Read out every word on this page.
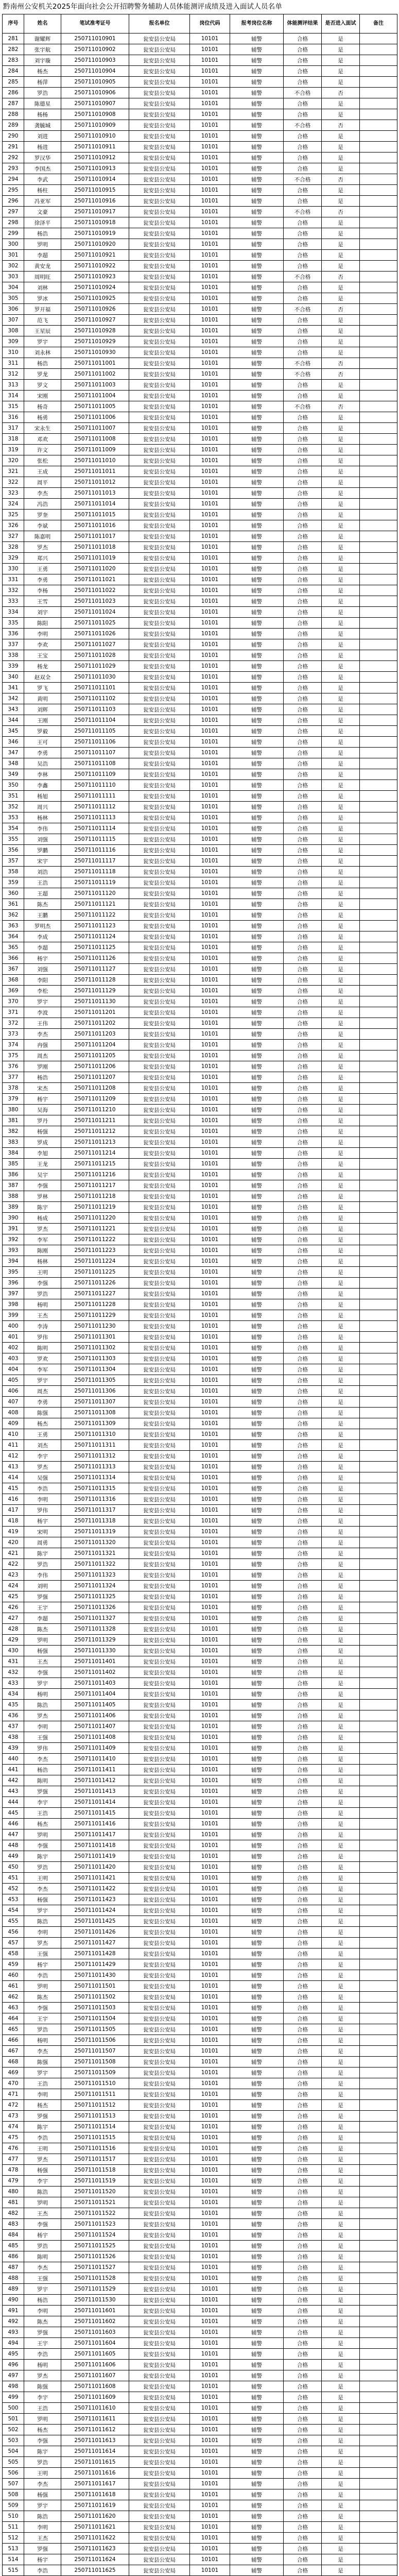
黔南州公安机关2025年面向社会公开招聘警务辅助人员体能测评成绩及进入面试人员名单
序号	姓名	笔试准考证号	报名单位	岗位代码	报考岗位名称	体能测评结果	是否进入面试	备注
281	谢耀辉	250711010901	瓮安县公安局	10101	辅警	合格	是	
282	张宇航	250711010902	瓮安县公安局	10101	辅警	合格	是	
283	刘宇璇	250711010903	瓮安县公安局	10101	辅警	合格	是	
284	杨杰	250711010904	瓮安县公安局	10101	辅警	合格	是	
285	杨萍	250711010905	瓮安县公安局	10101	辅警	合格	是	
286	罗浩	250711010906	瓮安县公安局	10101	辅警	不合格	否	
287	陈德星	250711010907	瓮安县公安局	10101	辅警	合格	是	
288	杨杨	250711010908	瓮安县公安局	10101	辅警	合格	是	
289	龚毓城	250711010909	瓮安县公安局	10101	辅警	不合格	否	
290	刘进	250711010910	瓮安县公安局	10101	辅警	合格	是	
291	杨进	250711010911	瓮安县公安局	10101	辅警	合格	是	
292	罗汉华	250711010912	瓮安县公安局	10101	辅警	合格	是	
293	李国杰	250711010913	瓮安县公安局	10101	辅警	合格	是	
294	李武	250711010914	瓮安县公安局	10101	辅警	不合格	否	
295	杨柱	250711010915	瓮安县公安局	10101	辅警	合格	是	
296	冯亚军	250711010916	瓮安县公安局	10101	辅警	合格	是	
297	文豪	250711010917	瓮安县公安局	10101	辅警	不合格	否	
298	徐泽平	250711010918	瓮安县公安局	10101	辅警	合格	是	
299	杨浩	250711010919	瓮安县公安局	10101	辅警	合格	是	
300	罗明	250711010920	瓮安县公安局	10101	辅警	合格	是	
301	李超	250711010921	瓮安县公安局	10101	辅警	合格	是	
302	黄安龙	250711010922	瓮安县公安局	10101	辅警	合格	是	
303	周明旺	250711010923	瓮安县公安局	10101	辅警	不合格	否	
304	刘林	250711010924	瓮安县公安局	10101	辅警	合格	是	
305	罗冰	250711010925	瓮安县公安局	10101	辅警	合格	是	
306	罗开福	250711010926	瓮安县公安局	10101	辅警	不合格	否	
307	范飞	250711010927	瓮安县公安局	10101	辅警	合格	是	
308	王星辰	250711010928	瓮安县公安局	10101	辅警	合格	是	
309	罗宇	250711010929	瓮安县公安局	10101	辅警	合格	是	
310	刘永林	250711010930	瓮安县公安局	10101	辅警	合格	是	
311	杨浩	250711011001	瓮安县公安局	10101	辅警	不合格	否	
312	罗龙	250711011002	瓮安县公安局	10101	辅警	不合格	否	
313	罗文	250711011003	瓮安县公安局	10101	辅警	合格	是	
314	宋刚	250711011004	瓮安县公安局	10101	辅警	合格	是	
315	杨奇	250711011005	瓮安县公安局	10101	辅警	不合格	否	
316	杨勇	250711011006	瓮安县公安局	10101	辅警	合格	是	
317	宋永生	250711011007	瓮安县公安局	10101	辅警	合格	是	
318	邓欢	250711011008	瓮安县公安局	10101	辅警	合格	是	
319	许文	250711011009	瓮安县公安局	10101	辅警	合格	是	
320	张松	250711011010	瓮安县公安局	10101	辅警	合格	是	
321	王成	250711011011	瓮安县公安局	10101	辅警	合格	是	
322	周平	250711011012	瓮安县公安局	10101	辅警	合格	是	
323	李杰	250711011013	瓮安县公安局	10101	辅警	合格	是	
324	冯浩	250711011014	瓮安县公安局	10101	辅警	合格	是	
325	罗奎	250711011015	瓮安县公安局	10101	辅警	合格	是	
326	李斌	250711011016	瓮安县公安局	10101	辅警	合格	是	
327	陈嘉明	250711011017	瓮安县公安局	10101	辅警	合格	是	
328	罗杰	250711011018	瓮安县公安局	10101	辅警	合格	是	
329	郑兴	250711011019	瓮安县公安局	10101	辅警	合格	是	
330	王勇	250711011020	瓮安县公安局	10101	辅警	合格	是	
331	李勇	250711011021	瓮安县公安局	10101	辅警	合格	是	
332	李杨	250711011022	瓮安县公安局	10101	辅警	合格	是	
333	王雪	250711011023	瓮安县公安局	10101	辅警	合格	是	
334	刘宇	250711011024	瓮安县公安局	10101	辅警	合格	是	
335	陈阳	250711011025	瓮安县公安局	10101	辅警	合格	是	
336	李明	250711011026	瓮安县公安局	10101	辅警	合格	是	
337	李欢	250711011027	瓮安县公安局	10101	辅警	合格	是	
338	王宝	250711011028	瓮安县公安局	10101	辅警	合格	是	
339	杨龙	250711011029	瓮安县公安局	10101	辅警	合格	是	
340	赵双全	250711011030	瓮安县公安局	10101	辅警	合格	是	
341	罗飞	250711011101	瓮安县公安局	10101	辅警	合格	是	
342	黄明	250711011102	瓮安县公安局	10101	辅警	合格	是	
343	刘辉	250711011103	瓮安县公安局	10101	辅警	合格	是	
344	王刚	250711011104	瓮安县公安局	10101	辅警	合格	是	
345	罗毅	250711011105	瓮安县公安局	10101	辅警	合格	是	
346	王可	250711011106	瓮安县公安局	10101	辅警	合格	是	
347	李勇	250711011107	瓮安县公安局	10101	辅警	合格	是	
348	吴浩	250711011108	瓮安县公安局	10101	辅警	合格	是	
349	李林	250711011109	瓮安县公安局	10101	辅警	合格	是	
350	李鑫	250711011110	瓮安县公安局	10101	辅警	合格	是	
351	杨旭	250711011111	瓮安县公安局	10101	辅警	合格	是	
352	周兴	250711011112	瓮安县公安局	10101	辅警	合格	是	
353	杨林	250711011113	瓮安县公安局	10101	辅警	合格	是	
354	李伟	250711011114	瓮安县公安局	10101	辅警	合格	是	
355	刘强	250711011115	瓮安县公安局	10101	辅警	合格	是	
356	罗鹏	250711011116	瓮安县公安局	10101	辅警	合格	是	
357	宋宇	250711011117	瓮安县公安局	10101	辅警	合格	是	
358	刘浩	250711011118	瓮安县公安局	10101	辅警	合格	是	
359	王浩	250711011119	瓮安县公安局	10101	辅警	合格	是	
360	王超	250711011120	瓮安县公安局	10101	辅警	合格	是	
361	陈杰	250711011121	瓮安县公安局	10101	辅警	合格	是	
362	王鹏	250711011122	瓮安县公安局	10101	辅警	合格	是	
363	罗明杰	250711011123	瓮安县公安局	10101	辅警	合格	是	
364	李成	250711011124	瓮安县公安局	10101	辅警	合格	是	
365	李超	250711011125	瓮安县公安局	10101	辅警	合格	是	
366	杨宇	250711011126	瓮安县公安局	10101	辅警	合格	是	
367	刘强	250711011127	瓮安县公安局	10101	辅警	合格	是	
368	李阳	250711011128	瓮安县公安局	10101	辅警	合格	是	
369	李松	250711011129	瓮安县公安局	10101	辅警	合格	是	
370	罗宇	250711011130	瓮安县公安局	10101	辅警	合格	是	
371	李波	250711011201	瓮安县公安局	10101	辅警	合格	是	
372	王伟	250711011202	瓮安县公安局	10101	辅警	合格	是	
373	李杰	250711011203	瓮安县公安局	10101	辅警	合格	是	
374	冉强	250711011204	瓮安县公安局	10101	辅警	合格	是	
375	周杰	250711011205	瓮安县公安局	10101	辅警	合格	是	
376	罗刚	250711011206	瓮安县公安局	10101	辅警	合格	是	
377	杨浩	250711011207	瓮安县公安局	10101	辅警	合格	是	
378	宋杰	250711011208	瓮安县公安局	10101	辅警	合格	是	
379	杨宇	250711011209	瓮安县公安局	10101	辅警	合格	是	
380	吴海	250711011210	瓮安县公安局	10101	辅警	合格	是	
381	罗丹	250711011211	瓮安县公安局	10101	辅警	合格	是	
382	杨强	250711011212	瓮安县公安局	10101	辅警	合格	是	
383	罗成	250711011213	瓮安县公安局	10101	辅警	合格	是	
384	李旭	250711011214	瓮安县公安局	10101	辅警	合格	是	
385	王龙	250711011215	瓮安县公安局	10101	辅警	合格	是	
386	吴宇	250711011216	瓮安县公安局	10101	辅警	合格	是	
387	李强	250711011217	瓮安县公安局	10101	辅警	合格	是	
388	罗林	250711011218	瓮安县公安局	10101	辅警	合格	是	
389	陈宇	250711011219	瓮安县公安局	10101	辅警	合格	是	
390	杨成	250711011220	瓮安县公安局	10101	辅警	合格	是	
391	罗杰	250711011221	瓮安县公安局	10101	辅警	合格	是	
392	李军	250711011222	瓮安县公安局	10101	辅警	合格	是	
393	陈刚	250711011223	瓮安县公安局	10101	辅警	合格	是	
394	杨林	250711011224	瓮安县公安局	10101	辅警	合格	是	
395	王明	250711011225	瓮安县公安局	10101	辅警	合格	是	
396	李强	250711011226	瓮安县公安局	10101	辅警	合格	是	
397	罗浩	250711011227	瓮安县公安局	10101	辅警	合格	是	
398	杨明	250711011228	瓮安县公安局	10101	辅警	合格	是	
399	王杰	250711011229	瓮安县公安局	10101	辅警	合格	是	
400	李涛	250711011230	瓮安县公安局	10101	辅警	合格	是	
401	罗伟	250711011301	瓮安县公安局	10101	辅警	合格	是	
402	陈明	250711011302	瓮安县公安局	10101	辅警	合格	是	
403	罗欢	250711011303	瓮安县公安局	10101	辅警	合格	是	
404	李军	250711011304	瓮安县公安局	10101	辅警	合格	是	
405	罗宇	250711011305	瓮安县公安局	10101	辅警	合格	是	
406	周杰	250711011306	瓮安县公安局	10101	辅警	合格	是	
407	李勇	250711011307	瓮安县公安局	10101	辅警	合格	是	
408	陈强	250711011308	瓮安县公安局	10101	辅警	合格	是	
409	杨杰	250711011309	瓮安县公安局	10101	辅警	合格	是	
410	王勇	250711011310	瓮安县公安局	10101	辅警	合格	是	
411	刘杰	250711011311	瓮安县公安局	10101	辅警	合格	是	
412	李宇	250711011312	瓮安县公安局	10101	辅警	合格	是	
413	罗杰	250711011313	瓮安县公安局	10101	辅警	合格	是	
414	吴强	250711011314	瓮安县公安局	10101	辅警	合格	是	
415	李浩	250711011315	瓮安县公安局	10101	辅警	合格	是	
416	李明	250711011316	瓮安县公安局	10101	辅警	合格	是	
417	罗伟	250711011317	瓮安县公安局	10101	辅警	合格	是	
418	杨宇	250711011318	瓮安县公安局	10101	辅警	合格	是	
419	宋明	250711011319	瓮安县公安局	10101	辅警	合格	是	
420	周勇	250711011320	瓮安县公安局	10101	辅警	合格	是	
421	陈宇	250711011321	瓮安县公安局	10101	辅警	合格	是	
422	罗浩	250711011322	瓮安县公安局	10101	辅警	合格	是	
423	李伟	250711011323	瓮安县公安局	10101	辅警	合格	是	
424	刘明	250711011324	瓮安县公安局	10101	辅警	合格	是	
425	罗强	250711011325	瓮安县公安局	10101	辅警	合格	是	
426	王宇	250711011326	瓮安县公安局	10101	辅警	合格	是	
427	李超	250711011327	瓮安县公安局	10101	辅警	合格	是	
428	陈杰	250711011328	瓮安县公安局	10101	辅警	合格	是	
429	罗明	250711011329	瓮安县公安局	10101	辅警	合格	是	
430	杨强	250711011330	瓮安县公安局	10101	辅警	合格	是	
431	王杰	250711011401	瓮安县公安局	10101	辅警	合格	是	
432	李强	250711011402	瓮安县公安局	10101	辅警	合格	是	
433	罗宇	250711011403	瓮安县公安局	10101	辅警	合格	是	
434	杨明	250711011404	瓮安县公安局	10101	辅警	合格	是	
435	陈浩	250711011405	瓮安县公安局	10101	辅警	合格	是	
436	罗杰	250711011406	瓮安县公安局	10101	辅警	合格	是	
437	李明	250711011407	瓮安县公安局	10101	辅警	合格	是	
438	王强	250711011408	瓮安县公安局	10101	辅警	合格	是	
439	罗伟	250711011409	瓮安县公安局	10101	辅警	合格	是	
440	李杰	250711011410	瓮安县公安局	10101	辅警	合格	是	
441	杨浩	250711011411	瓮安县公安局	10101	辅警	合格	是	
442	陈明	250711011412	瓮安县公安局	10101	辅警	合格	是	
443	罗强	250711011413	瓮安县公安局	10101	辅警	合格	是	
444	李宇	250711011414	瓮安县公安局	10101	辅警	合格	是	
445	王浩	250711011415	瓮安县公安局	10101	辅警	合格	是	
446	杨杰	250711011416	瓮安县公安局	10101	辅警	合格	是	
447	罗明	250711011417	瓮安县公安局	10101	辅警	合格	是	
448	李强	250711011418	瓮安县公安局	10101	辅警	合格	是	
449	陈宇	250711011419	瓮安县公安局	10101	辅警	合格	是	
450	罗浩	250711011420	瓮安县公安局	10101	辅警	合格	是	
451	王明	250711011421	瓮安县公安局	10101	辅警	合格	是	
452	李杰	250711011422	瓮安县公安局	10101	辅警	合格	是	
453	杨强	250711011423	瓮安县公安局	10101	辅警	合格	是	
454	罗宇	250711011424	瓮安县公安局	10101	辅警	合格	是	
455	陈浩	250711011425	瓮安县公安局	10101	辅警	合格	是	
456	李明	250711011426	瓮安县公安局	10101	辅警	合格	是	
457	罗杰	250711011427	瓮安县公安局	10101	辅警	合格	是	
458	王强	250711011428	瓮安县公安局	10101	辅警	合格	是	
459	杨宇	250711011429	瓮安县公安局	10101	辅警	合格	是	
460	李浩	250711011430	瓮安县公安局	10101	辅警	合格	是	
461	罗明	250711011501	瓮安县公安局	10101	辅警	合格	是	
462	陈杰	250711011502	瓮安县公安局	10101	辅警	合格	是	
463	李强	250711011503	瓮安县公安局	10101	辅警	合格	是	
464	王宇	250711011504	瓮安县公安局	10101	辅警	合格	是	
465	罗浩	250711011505	瓮安县公安局	10101	辅警	合格	是	
466	杨明	250711011506	瓮安县公安局	10101	辅警	合格	是	
467	李杰	250711011507	瓮安县公安局	10101	辅警	合格	是	
468	陈强	250711011508	瓮安县公安局	10101	辅警	合格	是	
469	罗宇	250711011509	瓮安县公安局	10101	辅警	合格	是	
470	王浩	250711011510	瓮安县公安局	10101	辅警	合格	是	
471	李明	250711011511	瓮安县公安局	10101	辅警	合格	是	
472	杨杰	250711011512	瓮安县公安局	10101	辅警	合格	是	
473	罗强	250711011513	瓮安县公安局	10101	辅警	合格	是	
474	陈宇	250711011514	瓮安县公安局	10101	辅警	合格	是	
475	李浩	250711011515	瓮安县公安局	10101	辅警	合格	是	
476	王明	250711011516	瓮安县公安局	10101	辅警	合格	是	
477	罗杰	250711011517	瓮安县公安局	10101	辅警	合格	是	
478	杨强	250711011518	瓮安县公安局	10101	辅警	合格	是	
479	李宇	250711011519	瓮安县公安局	10101	辅警	合格	是	
480	陈浩	250711011520	瓮安县公安局	10101	辅警	合格	是	
481	罗明	250711011521	瓮安县公安局	10101	辅警	合格	是	
482	王杰	250711011522	瓮安县公安局	10101	辅警	合格	是	
483	李强	250711011523	瓮安县公安局	10101	辅警	合格	是	
484	杨宇	250711011524	瓮安县公安局	10101	辅警	合格	是	
485	罗浩	250711011525	瓮安县公安局	10101	辅警	合格	是	
486	陈明	250711011526	瓮安县公安局	10101	辅警	合格	是	
487	李杰	250711011527	瓮安县公安局	10101	辅警	合格	是	
488	王强	250711011528	瓮安县公安局	10101	辅警	合格	是	
489	罗宇	250711011529	瓮安县公安局	10101	辅警	合格	是	
490	杨浩	250711011530	瓮安县公安局	10101	辅警	合格	是	
491	李明	250711011601	瓮安县公安局	10101	辅警	合格	是	
492	陈杰	250711011602	瓮安县公安局	10101	辅警	合格	是	
493	罗强	250711011603	瓮安县公安局	10101	辅警	合格	是	
494	王宇	250711011604	瓮安县公安局	10101	辅警	合格	是	
495	李浩	250711011605	瓮安县公安局	10101	辅警	合格	是	
496	杨明	250711011606	瓮安县公安局	10101	辅警	合格	是	
497	罗杰	250711011607	瓮安县公安局	10101	辅警	合格	是	
498	陈强	250711011608	瓮安县公安局	10101	辅警	合格	是	
499	李宇	250711011609	瓮安县公安局	10101	辅警	合格	是	
500	王浩	250711011610	瓮安县公安局	10101	辅警	合格	是	
501	罗明	250711011611	瓮安县公安局	10101	辅警	合格	是	
502	杨杰	250711011612	瓮安县公安局	10101	辅警	合格	是	
503	李强	250711011613	瓮安县公安局	10101	辅警	合格	是	
504	陈宇	250711011614	瓮安县公安局	10101	辅警	合格	是	
505	罗浩	250711011615	瓮安县公安局	10101	辅警	合格	是	
506	王明	250711011616	瓮安县公安局	10101	辅警	合格	是	
507	李杰	250711011617	瓮安县公安局	10101	辅警	合格	是	
508	杨强	250711011618	瓮安县公安局	10101	辅警	合格	是	
509	罗宇	250711011619	瓮安县公安局	10101	辅警	合格	是	
510	陈浩	250711011620	瓮安县公安局	10101	辅警	合格	是	
511	李明	250711011621	瓮安县公安局	10101	辅警	合格	是	
512	王杰	250711011622	瓮安县公安局	10101	辅警	合格	是	
513	罗强	250711011623	瓮安县公安局	10101	辅警	合格	是	
514	杨宇	250711011624	瓮安县公安局	10101	辅警	合格	是	
515	李浩	250711011625	瓮安县公安局	10101	辅警	合格	是	
